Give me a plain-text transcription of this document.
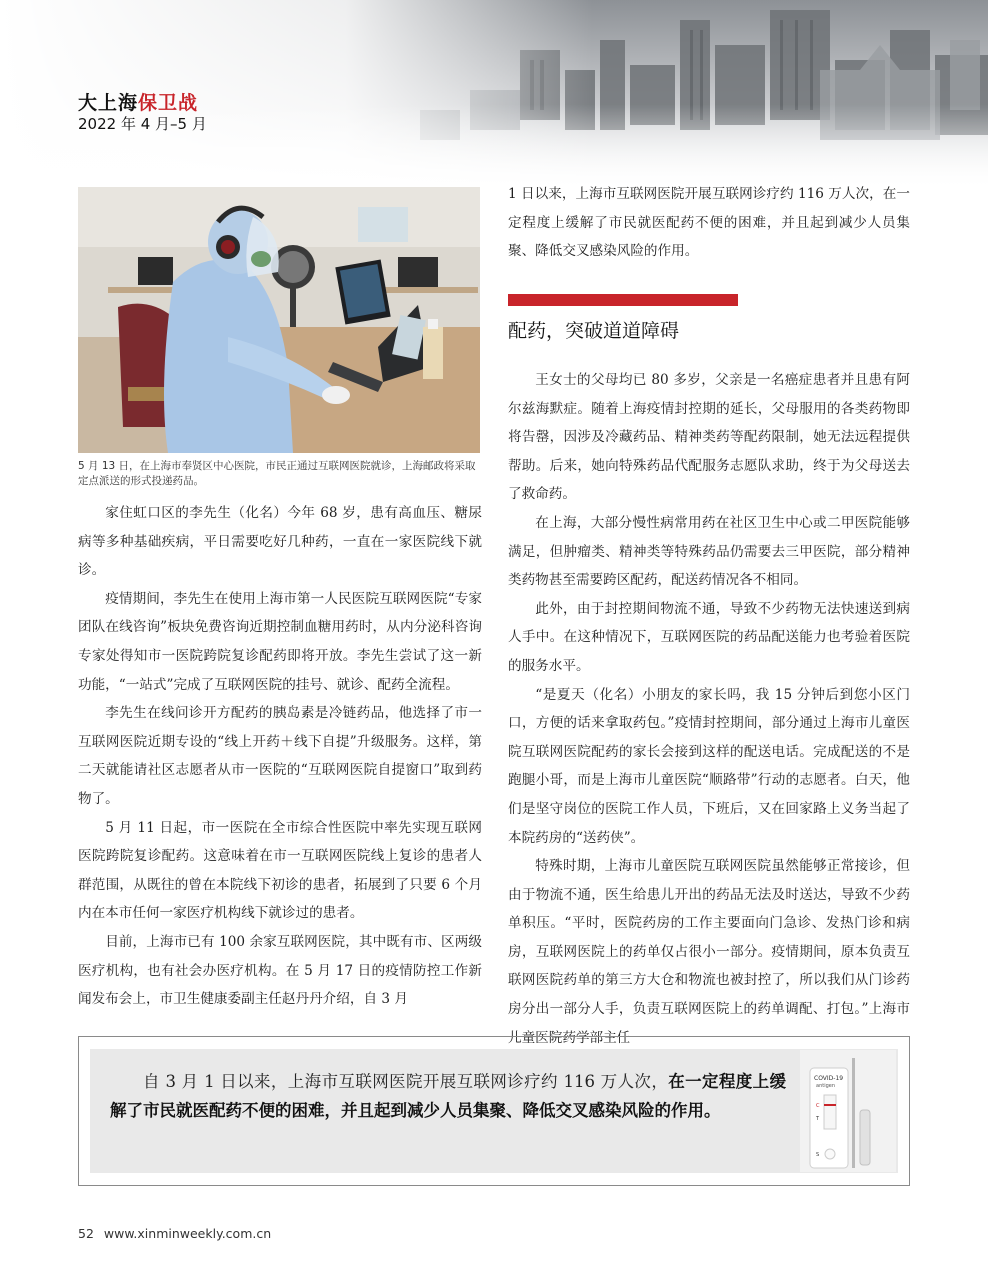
大上海保卫战
2022 年 4 月–5 月
5 月 13 日，在上海市奉贤区中心医院，市民正通过互联网医院就诊，上海邮政将采取定点派送的形式投递药品。

家住虹口区的李先生（化名）今年 68 岁，患有高血压、糖尿病等多种基础疾病，平日需要吃好几种药，一直在一家医院线下就诊。

疫情期间，李先生在使用上海市第一人民医院互联网医院“专家团队在线咨询”板块免费咨询近期控制血糖用药时，从内分泌科咨询专家处得知市一医院跨院复诊配药即将开放。李先生尝试了这一新功能，“一站式”完成了互联网医院的挂号、就诊、配药全流程。

李先生在线问诊开方配药的胰岛素是冷链药品，他选择了市一互联网医院近期专设的“线上开药＋线下自提”升级服务。这样，第二天就能请社区志愿者从市一医院的“互联网医院自提窗口”取到药物了。

5 月 11 日起，市一医院在全市综合性医院中率先实现互联网医院跨院复诊配药。这意味着在市一互联网医院线上复诊的患者人群范围，从既往的曾在本院线下初诊的患者，拓展到了只要 6 个月内在本市任何一家医疗机构线下就诊过的患者。

目前，上海市已有 100 余家互联网医院，其中既有市、区两级医疗机构，也有社会办医疗机构。在 5 月 17 日的疫情防控工作新闻发布会上，市卫生健康委副主任赵丹丹介绍，自 3 月

1 日以来，上海市互联网医院开展互联网诊疗约 116 万人次，在一定程度上缓解了市民就医配药不便的困难，并且起到减少人员集聚、降低交叉感染风险的作用。

配药，突破道道障碍

王女士的父母均已 80 多岁，父亲是一名癌症患者并且患有阿尔兹海默症。随着上海疫情封控期的延长，父母服用的各类药物即将告罄，因涉及冷藏药品、精神类药等配药限制，她无法远程提供帮助。后来，她向特殊药品代配服务志愿队求助，终于为父母送去了救命药。

在上海，大部分慢性病常用药在社区卫生中心或二甲医院能够满足，但肿瘤类、精神类等特殊药品仍需要去三甲医院，部分精神类药物甚至需要跨区配药，配送药情况各不相同。

此外，由于封控期间物流不通，导致不少药物无法快速送到病人手中。在这种情况下，互联网医院的药品配送能力也考验着医院的服务水平。

“是夏天（化名）小朋友的家长吗，我 15 分钟后到您小区门口，方便的话来拿取药包。”疫情封控期间，部分通过上海市儿童医院互联网医院配药的家长会接到这样的配送电话。完成配送的不是跑腿小哥，而是上海市儿童医院“顺路带”行动的志愿者。白天，他们是坚守岗位的医院工作人员，下班后，又在回家路上义务当起了本院药房的“送药侠”。

特殊时期，上海市儿童医院互联网医院虽然能够正常接诊，但由于物流不通，医生给患儿开出的药品无法及时送达，导致不少药单积压。“平时，医院药房的工作主要面向门急诊、发热门诊和病房，互联网医院上的药单仅占很小一部分。疫情期间，原本负责互联网医院药单的第三方大仓和物流也被封控了，所以我们从门诊药房分出一部分人手，负责互联网医院上的药单调配、打包。”上海市儿童医院药学部主任

自 3 月 1 日以来，上海市互联网医院开展互联网诊疗约 116 万人次，在一定程度上缓解了市民就医配药不便的困难，并且起到减少人员集聚、降低交叉感染风险的作用。
COVID-19
antigen
C
T
S
52 www.xinminweekly.com.cn
